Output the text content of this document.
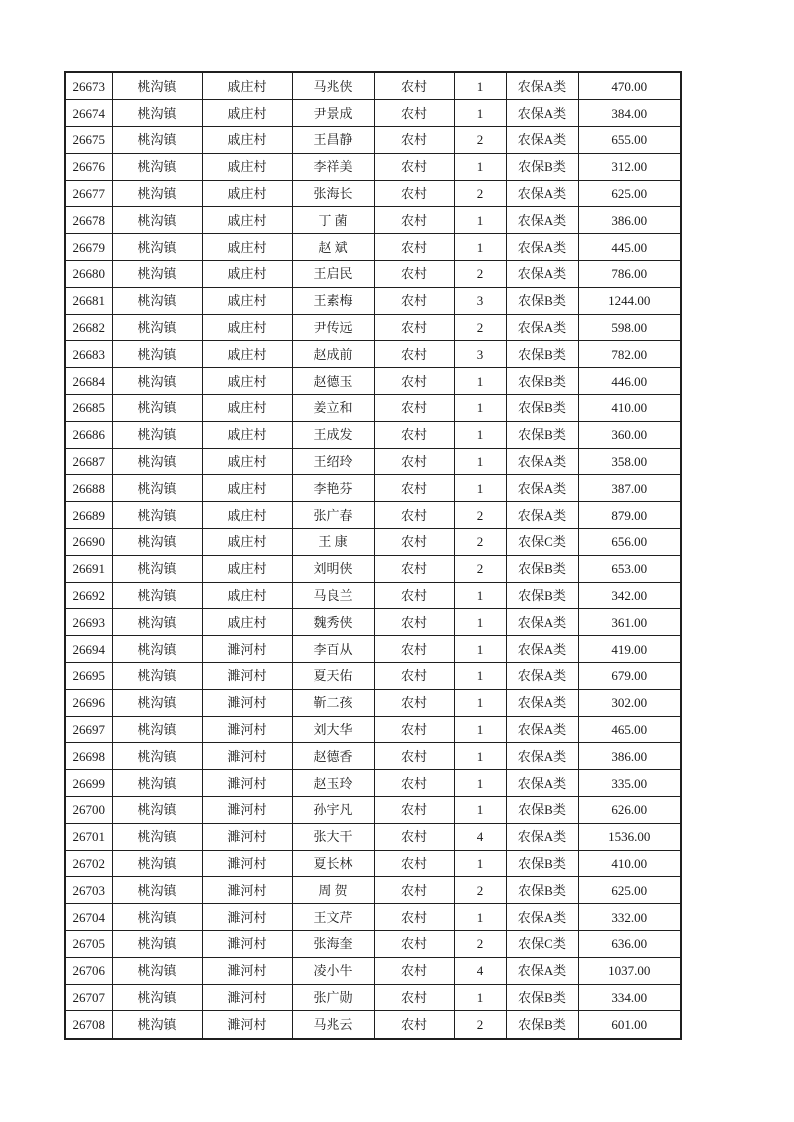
26673	桃沟镇	戚庄村	马兆侠	农村	1	农保A类	470.00
26674	桃沟镇	戚庄村	尹景成	农村	1	农保A类	384.00
26675	桃沟镇	戚庄村	王昌静	农村	2	农保A类	655.00
26676	桃沟镇	戚庄村	李祥美	农村	1	农保B类	312.00
26677	桃沟镇	戚庄村	张海长	农村	2	农保A类	625.00
26678	桃沟镇	戚庄村	丁 菌	农村	1	农保A类	386.00
26679	桃沟镇	戚庄村	赵 斌	农村	1	农保A类	445.00
26680	桃沟镇	戚庄村	王启民	农村	2	农保A类	786.00
26681	桃沟镇	戚庄村	王素梅	农村	3	农保B类	1244.00
26682	桃沟镇	戚庄村	尹传远	农村	2	农保A类	598.00
26683	桃沟镇	戚庄村	赵成前	农村	3	农保B类	782.00
26684	桃沟镇	戚庄村	赵德玉	农村	1	农保B类	446.00
26685	桃沟镇	戚庄村	姜立和	农村	1	农保B类	410.00
26686	桃沟镇	戚庄村	王成发	农村	1	农保B类	360.00
26687	桃沟镇	戚庄村	王绍玲	农村	1	农保A类	358.00
26688	桃沟镇	戚庄村	李艳芬	农村	1	农保A类	387.00
26689	桃沟镇	戚庄村	张广春	农村	2	农保A类	879.00
26690	桃沟镇	戚庄村	王 康	农村	2	农保C类	656.00
26691	桃沟镇	戚庄村	刘明侠	农村	2	农保B类	653.00
26692	桃沟镇	戚庄村	马良兰	农村	1	农保B类	342.00
26693	桃沟镇	戚庄村	魏秀侠	农村	1	农保A类	361.00
26694	桃沟镇	濉河村	李百从	农村	1	农保A类	419.00
26695	桃沟镇	濉河村	夏天佑	农村	1	农保A类	679.00
26696	桃沟镇	濉河村	靳二孩	农村	1	农保A类	302.00
26697	桃沟镇	濉河村	刘大华	农村	1	农保A类	465.00
26698	桃沟镇	濉河村	赵德香	农村	1	农保A类	386.00
26699	桃沟镇	濉河村	赵玉玲	农村	1	农保A类	335.00
26700	桃沟镇	濉河村	孙宇凡	农村	1	农保B类	626.00
26701	桃沟镇	濉河村	张大干	农村	4	农保A类	1536.00
26702	桃沟镇	濉河村	夏长林	农村	1	农保B类	410.00
26703	桃沟镇	濉河村	周 贺	农村	2	农保B类	625.00
26704	桃沟镇	濉河村	王文芹	农村	1	农保A类	332.00
26705	桃沟镇	濉河村	张海奎	农村	2	农保C类	636.00
26706	桃沟镇	濉河村	凌小牛	农村	4	农保A类	1037.00
26707	桃沟镇	濉河村	张广勋	农村	1	农保B类	334.00
26708	桃沟镇	濉河村	马兆云	农村	2	农保B类	601.00
